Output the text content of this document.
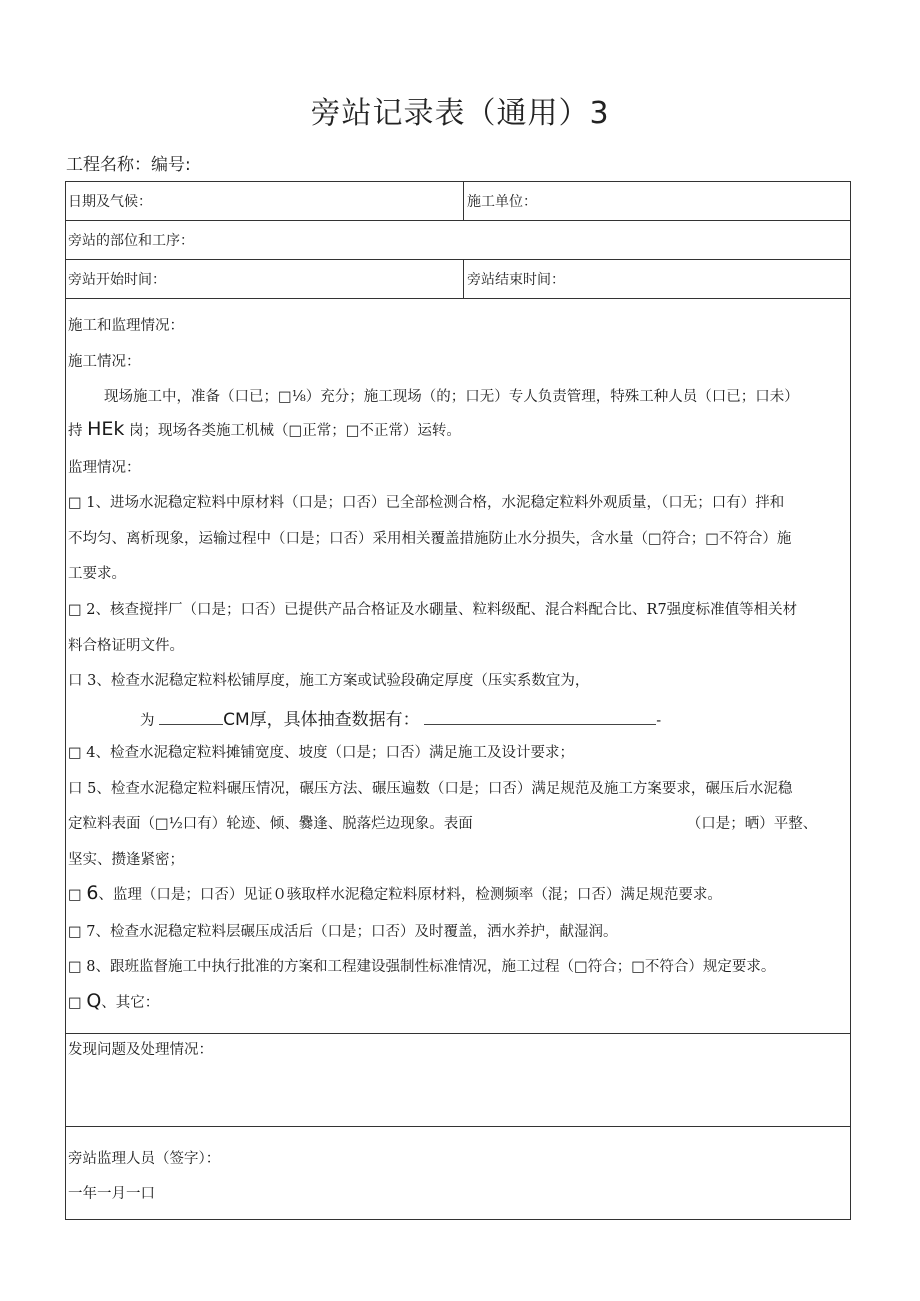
旁站记录表（通用）3
工程名称：编号:
日期及气候：	施工单位：
旁站的部位和工序：
旁站开始时间：	旁站结束时间：
施工和监理情况：
施工情况：
现场施工中，准备（口已；□⅛）充分；施工现场（的；口无）专人负责管理，特殊工种人员（口已；口未）
持 HEk 岗；现场各类施工机械（□正常；□不正常）运转。
监理情况：
□ 1、进场水泥稳定粒料中原材料（口是；口否）已全部检测合格，水泥稳定粒料外观质量，（口无；口有）拌和
不均匀、离析现象，运输过程中（口是；口否）采用相关覆盖措施防止水分损失，含水量（□符合；□不符合）施
工要求。
□ 2、核查搅拌厂（口是；口否）已提供产品合格证及水硼量、粒料级配、混合料配合比、R7强度标准值等相关材
料合格证明文件。
口 3、检查水泥稳定粒料松铺厚度，施工方案或试验段确定厚度（压实系数宜为，
为	CM厚，具体抽查数据有：	-
□ 4、检查水泥稳定粒料摊铺宽度、坡度（口是；口否）满足施工及设计要求；
口 5、检查水泥稳定粒料碾压情况，碾压方法、碾压遍数（口是；口否）满足规范及施工方案要求，碾压后水泥稳
定粒料表面（□½口有）轮迹、倾、爨逢、脱落烂边现象。表面	（口是；晒）平整、
坚实、攒逢紧密；
□ 6、监理（口是；口否）见证０骇取样水泥稳定粒料原材料，检测频率（混；口否）满足规范要求。
□ 7、检查水泥稳定粒料层碾压成活后（口是；口否）及时覆盖，洒水养护，献湿润。
□ 8、跟班监督施工中执行批准的方案和工程建设强制性标准情况，施工过程（□符合；□不符合）规定要求。
□ Q、其它：
发现问题及处理情况：
旁站监理人员（签字）：
一年一月一口
